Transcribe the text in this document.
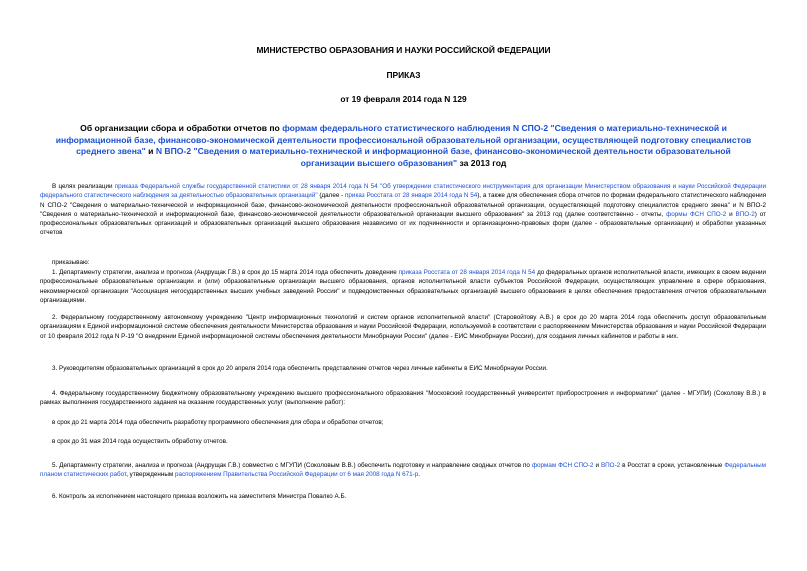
МИНИСТЕРСТВО ОБРАЗОВАНИЯ И НАУКИ РОССИЙСКОЙ ФЕДЕРАЦИИ
ПРИКАЗ
от 19 февраля 2014 года N 129
Об организации сбора и обработки отчетов по формам федерального статистического наблюдения N СПО-2 "Сведения о материально-технической и информационной базе, финансово-экономической деятельности профессиональной образовательной организации, осуществляющей подготовку специалистов среднего звена" и N ВПО-2 "Сведения о материально-технической и информационной базе, финансово-экономической деятельности образовательной организации высшего образования" за 2013 год
В целях реализации приказа Федеральной службы государственной статистики от 28 января 2014 года N 54 "Об утверждении статистического инструментария для организации Министерством образования и науки Российской Федерации федерального статистического наблюдения за деятельностью образовательных организаций" (далее - приказ Росстата от 28 января 2014 года N 54), а также для обеспечения сбора отчетов по формам федерального статистического наблюдения N СПО-2 "Сведения о материально-технической и информационной базе, финансово-экономической деятельности профессиональной образовательной организации, осуществляющей подготовку специалистов среднего звена" и N ВПО-2 "Сведения о материально-технической и информационной базе, финансово-экономической деятельности образовательной организации высшего образования" за 2013 год (далее соответственно - отчеты, формы ФСН СПО-2 и ВПО-2) от профессиональных образовательных организаций и образовательных организаций высшего образования независимо от их подчиненности и организационно-правовых форм (далее - образовательные организации) и обработки указанных отчетов
приказываю:
1. Департаменту стратегии, анализа и прогноза (Андрущак Г.В.) в срок до 15 марта 2014 года обеспечить доведение приказа Росстата от 28 января 2014 года N 54 до федеральных органов исполнительной власти, имеющих в своем ведении профессиональные образовательные организации и (или) образовательные организации высшего образования, органов исполнительной власти субъектов Российской Федерации, осуществляющих управление в сфере образования, некоммерческой организации "Ассоциация негосударственных высших учебных заведений России" и подведомственных образовательных организаций высшего образования в целях обеспечения предоставления отчетов образовательными организациями.
2. Федеральному государственному автономному учреждению "Центр информационных технологий и систем органов исполнительной власти" (Старовойтову А.В.) в срок до 20 марта 2014 года обеспечить доступ образовательным организациям к Единой информационной системе обеспечения деятельности Министерства образования и науки Российской Федерации, используемой в соответствии с распоряжением Министерства образования и науки Российской Федерации от 10 февраля 2012 года N Р-19 "О внедрении Единой информационной системы обеспечения деятельности Минобрнауки России" (далее - ЕИС Минобрнауки России), для создания личных кабинетов и работы в них.
3. Руководителям образовательных организаций в срок до 20 апреля 2014 года обеспечить представление отчетов через личные кабинеты в ЕИС Минобрнауки России.
4. Федеральному государственному бюджетному образовательному учреждению высшего профессионального образования "Московский государственный университет приборостроения и информатики" (далее - МГУПИ) (Соколову В.В.) в рамках выполнения государственного задания на оказание государственных услуг (выполнение работ):
в срок до 21 марта 2014 года обеспечить разработку программного обеспечения для сбора и обработки отчетов;
в срок до 31 мая 2014 года осуществить обработку отчетов.
5. Департаменту стратегии, анализа и прогноза (Андрущак Г.В.) совместно с МГУПИ (Соколовым В.В.) обеспечить подготовку и направление сводных отчетов по формам ФСН СПО-2 и ВПО-2 в Росстат в сроки, установленные Федеральным планом статистических работ, утвержденным распоряжением Правительства Российской Федерации от 6 мая 2008 года N 671-р.
6. Контроль за исполнением настоящего приказа возложить на заместителя Министра Повалко А.Б.
